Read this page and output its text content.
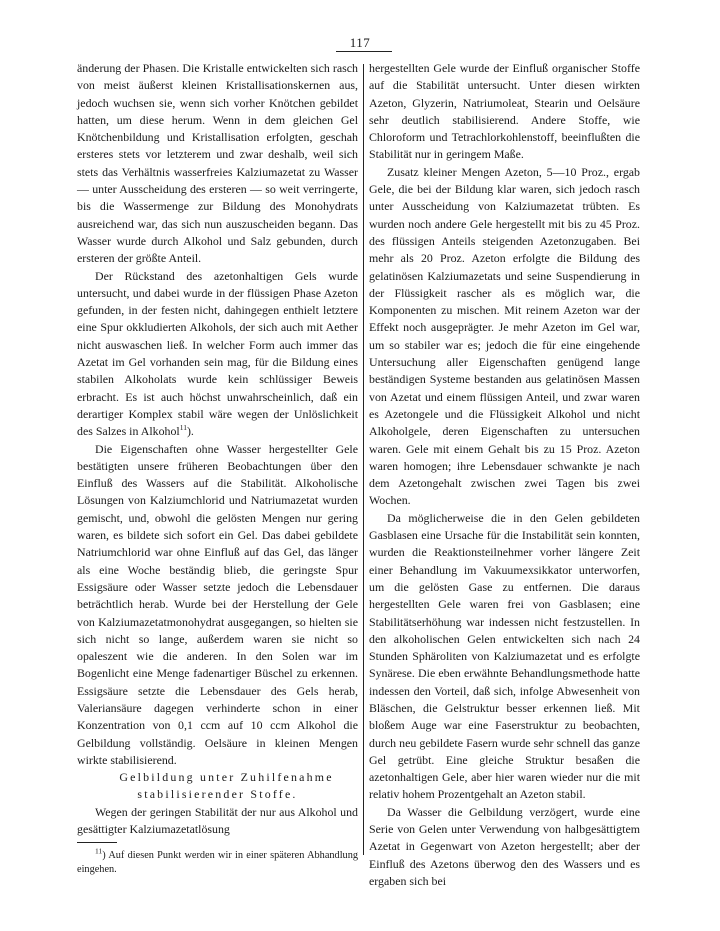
117

änderung der Phasen. Die Kristalle entwickelten sich rasch von meist äußerst kleinen Kristallisationskernen aus, jedoch wuchsen sie, wenn sich vorher Knötchen gebildet hatten, um diese herum. Wenn in dem gleichen Gel Knötchenbildung und Kristallisation erfolgten, geschah ersteres stets vor letzterem und zwar deshalb, weil sich stets das Verhältnis wasserfreies Kalziumazetat zu Wasser — unter Ausscheidung des ersteren — so weit verringerte, bis die Wassermenge zur Bildung des Monohydrats ausreichend war, das sich nun auszuscheiden begann. Das Wasser wurde durch Alkohol und Salz gebunden, durch ersteren der größte Anteil.

Der Rückstand des azetonhaltigen Gels wurde untersucht, und dabei wurde in der flüssigen Phase Azeton gefunden, in der festen nicht, dahingegen enthielt letztere eine Spur okkludierten Alkohols, der sich auch mit Aether nicht auswaschen ließ. In welcher Form auch immer das Azetat im Gel vorhanden sein mag, für die Bildung eines stabilen Alkoholats wurde kein schlüssiger Beweis erbracht. Es ist auch höchst unwahrscheinlich, daß ein derartiger Komplex stabil wäre wegen der Unlöslichkeit des Salzes in Alkohol$^{11}$).

Die Eigenschaften ohne Wasser hergestellter Gele bestätigten unsere früheren Beobachtungen über den Einfluß des Wassers auf die Stabilität. Alkoholische Lösungen von Kalziumchlorid und Natriumazetat wurden gemischt, und, obwohl die gelösten Mengen nur gering waren, es bildete sich sofort ein Gel. Das dabei gebildete Natriumchlorid war ohne Einfluß auf das Gel, das länger als eine Woche beständig blieb, die geringste Spur Essigsäure oder Wasser setzte jedoch die Lebensdauer beträchtlich herab. Wurde bei der Herstellung der Gele von Kalziumazetatmonohydrat ausgegangen, so hielten sie sich nicht so lange, außerdem waren sie nicht so opaleszent wie die anderen. In den Solen war im Bogenlicht eine Menge fadenartiger Büschel zu erkennen. Essigsäure setzte die Lebensdauer des Gels herab, Valeriansäure dagegen verhinderte schon in einer Konzentration von 0,1 ccm auf 10 ccm Alkohol die Gelbildung vollständig. Oelsäure in kleinen Mengen wirkte stabilisierend.

Gelbildung unter Zuhilfenahme stabilisierender Stoffe.

Wegen der geringen Stabilität der nur aus Alkohol und gesättigter Kalziumazetatlösung

$^{11}$) Auf diesen Punkt werden wir in einer späteren Abhandlung eingehen.

hergestellten Gele wurde der Einfluß organischer Stoffe auf die Stabilität untersucht. Unter diesen wirkten Azeton, Glyzerin, Natriumoleat, Stearin und Oelsäure sehr deutlich stabilisierend. Andere Stoffe, wie Chloroform und Tetrachlorkohlenstoff, beeinflußten die Stabilität nur in geringem Maße.

Zusatz kleiner Mengen Azeton, 5—10 Proz., ergab Gele, die bei der Bildung klar waren, sich jedoch rasch unter Ausscheidung von Kalziumazetat trübten. Es wurden noch andere Gele hergestellt mit bis zu 45 Proz. des flüssigen Anteils steigenden Azetonzugaben. Bei mehr als 20 Proz. Azeton erfolgte die Bildung des gelatinösen Kalziumazetats und seine Suspendierung in der Flüssigkeit rascher als es möglich war, die Komponenten zu mischen. Mit reinem Azeton war der Effekt noch ausgeprägter. Je mehr Azeton im Gel war, um so stabiler war es; jedoch die für eine eingehende Untersuchung aller Eigenschaften genügend lange beständigen Systeme bestanden aus gelatinösen Massen von Azetat und einem flüssigen Anteil, und zwar waren es Azetongele und die Flüssigkeit Alkohol und nicht Alkoholgele, deren Eigenschaften zu untersuchen waren. Gele mit einem Gehalt bis zu 15 Proz. Azeton waren homogen; ihre Lebensdauer schwankte je nach dem Azetongehalt zwischen zwei Tagen bis zwei Wochen.

Da möglicherweise die in den Gelen gebildeten Gasblasen eine Ursache für die Instabilität sein konnten, wurden die Reaktionsteilnehmer vorher längere Zeit einer Behandlung im Vakuumexsikkator unterworfen, um die gelösten Gase zu entfernen. Die daraus hergestellten Gele waren frei von Gasblasen; eine Stabilitätserhöhung war indessen nicht festzustellen. In den alkoholischen Gelen entwickelten sich nach 24 Stunden Sphäroliten von Kalziumazetat und es erfolgte Synärese. Die eben erwähnte Behandlungsmethode hatte indessen den Vorteil, daß sich, infolge Abwesenheit von Bläschen, die Gelstruktur besser erkennen ließ. Mit bloßem Auge war eine Faserstruktur zu beobachten, durch neu gebildete Fasern wurde sehr schnell das ganze Gel getrübt. Eine gleiche Struktur besaßen die azetonhaltigen Gele, aber hier waren wieder nur die mit relativ hohem Prozentgehalt an Azeton stabil.

Da Wasser die Gelbildung verzögert, wurde eine Serie von Gelen unter Verwendung von halbgesättigtem Azetat in Gegenwart von Azeton hergestellt; aber der Einfluß des Azetons überwog den des Wassers und es ergaben sich bei
